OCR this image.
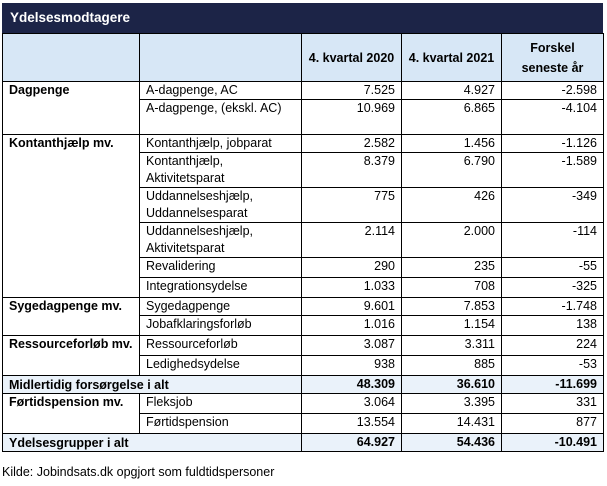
Ydelsesmodtagere
		4. kvartal 2020	4. kvartal 2021	Forskel seneste år
Dagpenge	A-dagpenge, AC	7.525	4.927	-2.598
	A-dagpenge, (ekskl. AC)	10.969	6.865	-4.104
Kontanthjælp mv.	Kontanthjælp, jobparat	2.582	1.456	-1.126
	Kontanthjælp, Aktivitetsparat	8.379	6.790	-1.589
	Uddannelseshjælp, Uddannelsesparat	775	426	-349
	Uddannelseshjælp, Aktivitetsparat	2.114	2.000	-114
	Revalidering	290	235	-55
	Integrationsydelse	1.033	708	-325
Sygedagpenge mv.	Sygedagpenge	9.601	7.853	-1.748
	Jobafklaringsforløb	1.016	1.154	138
Ressourceforløb mv.	Ressourceforløb	3.087	3.311	224
	Ledighedsydelse	938	885	-53
Midlertidig forsørgelse i alt		48.309	36.610	-11.699
Førtidspension mv.	Fleksjob	3.064	3.395	331
	Førtidspension	13.554	14.431	877
Ydelsesgrupper i alt		64.927	54.436	-10.491
Kilde: Jobindsats.dk opgjort som fuldtidspersoner
